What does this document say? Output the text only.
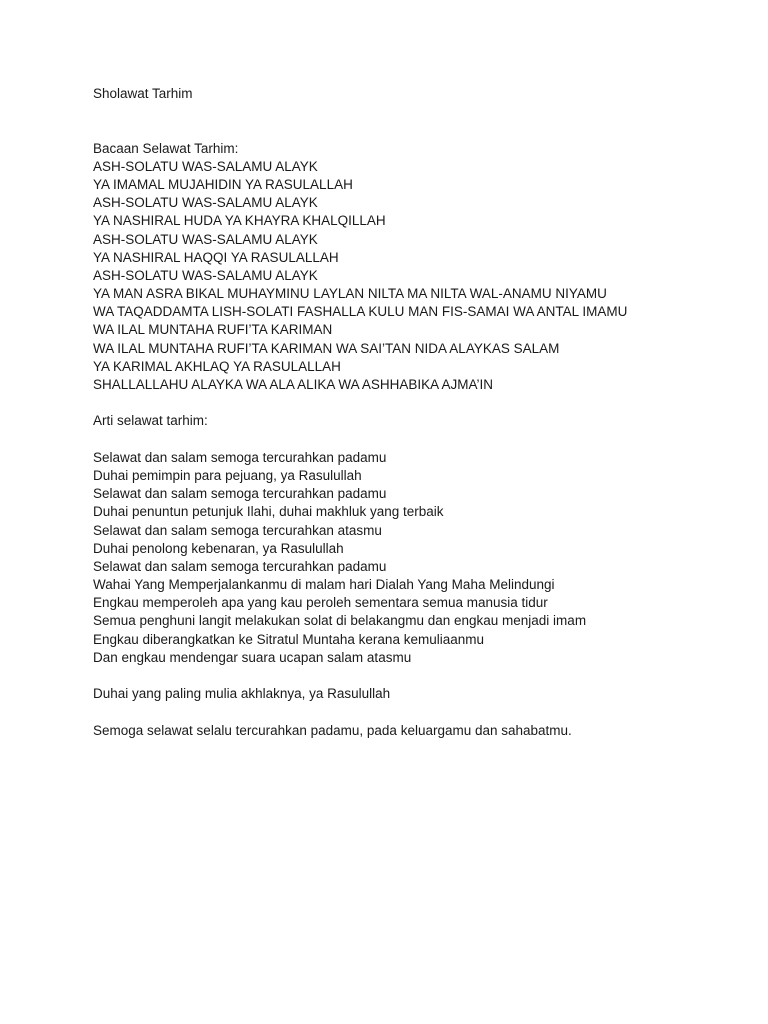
Sholawat Tarhim
Bacaan Selawat Tarhim:
ASH-SOLATU WAS-SALAMU ALAYK
YA IMAMAL MUJAHIDIN YA RASULALLAH
ASH-SOLATU WAS-SALAMU ALAYK
YA NASHIRAL HUDA YA KHAYRA KHALQILLAH
ASH-SOLATU WAS-SALAMU ALAYK
YA NASHIRAL HAQQI YA RASULALLAH
ASH-SOLATU WAS-SALAMU ALAYK
YA MAN ASRA BIKAL MUHAYMINU LAYLAN NILTA MA NILTA WAL-ANAMU NIYAMU
WA TAQADDAMTA LISH-SOLATI FASHALLA KULU MAN FIS-SAMAI WA ANTAL IMAMU
WA ILAL MUNTAHA RUFI’TA KARIMAN
WA ILAL MUNTAHA RUFI’TA KARIMAN WA SAI’TAN NIDA ALAYKAS SALAM
YA KARIMAL AKHLAQ YA RASULALLAH
SHALLALLAHU ALAYKA WA ALA ALIKA WA ASHHABIKA AJMA’IN
Arti selawat tarhim:
Selawat dan salam semoga tercurahkan padamu
Duhai pemimpin para pejuang, ya Rasulullah
Selawat dan salam semoga tercurahkan padamu
Duhai penuntun petunjuk Ilahi, duhai makhluk yang terbaik
Selawat dan salam semoga tercurahkan atasmu
Duhai penolong kebenaran, ya Rasulullah
Selawat dan salam semoga tercurahkan padamu
Wahai Yang Memperjalankanmu di malam hari Dialah Yang Maha Melindungi
Engkau memperoleh apa yang kau peroleh sementara semua manusia tidur
Semua penghuni langit melakukan solat di belakangmu dan engkau menjadi imam
Engkau diberangkatkan ke Sitratul Muntaha kerana kemuliaanmu
Dan engkau mendengar suara ucapan salam atasmu
Duhai yang paling mulia akhlaknya, ya Rasulullah
Semoga selawat selalu tercurahkan padamu, pada keluargamu dan sahabatmu.
